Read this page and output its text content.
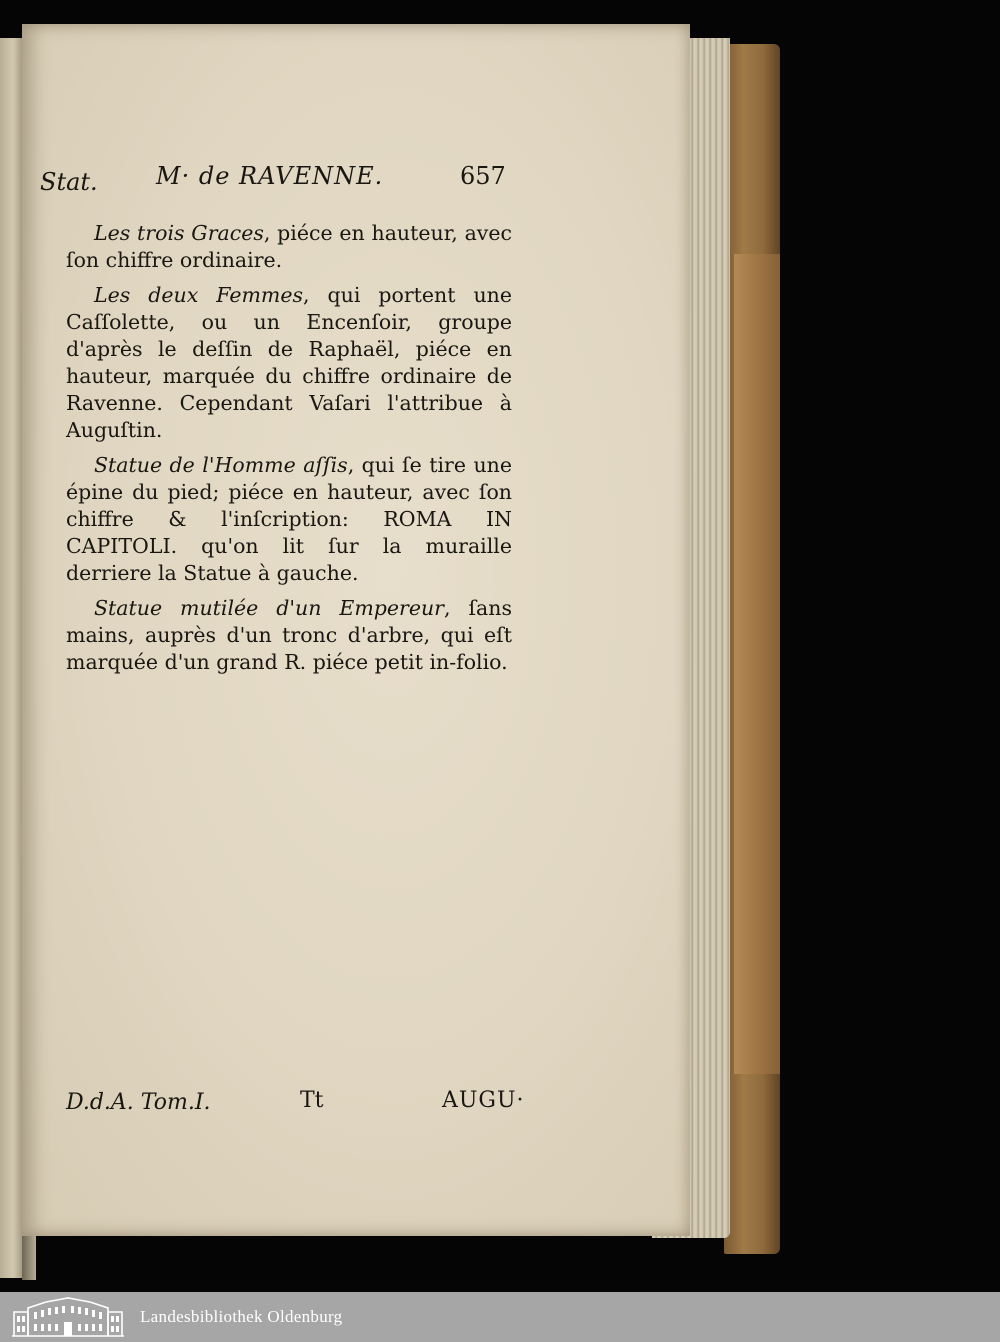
Stat. M· de RAVENNE.	657

Les trois Graces, piéce en hauteur, avec ſon chiffre ordinaire.

Les deux Femmes, qui portent une Caſſolette, ou un Encenſoir, groupe d'après le deſſin de Raphaël, piéce en hauteur, marquée du chiffre ordinaire de Ravenne. Cependant Vaſari l'attribue à Auguſtin.

Statue de l'Homme aſſis, qui ſe tire une épine du pied; piéce en hauteur, avec ſon chiffre & l'inſcription: ROMA IN CAPITOLI. qu'on lit ſur la muraille derriere la Statue à gauche.

Statue mutilée d'un Empereur, ſans mains, auprès d'un tronc d'arbre, qui eſt marquée d'un grand R. piéce petit in-folio.

D.d.A. Tom.I.	Tt	AUGU·
Landesbibliothek Oldenburg
